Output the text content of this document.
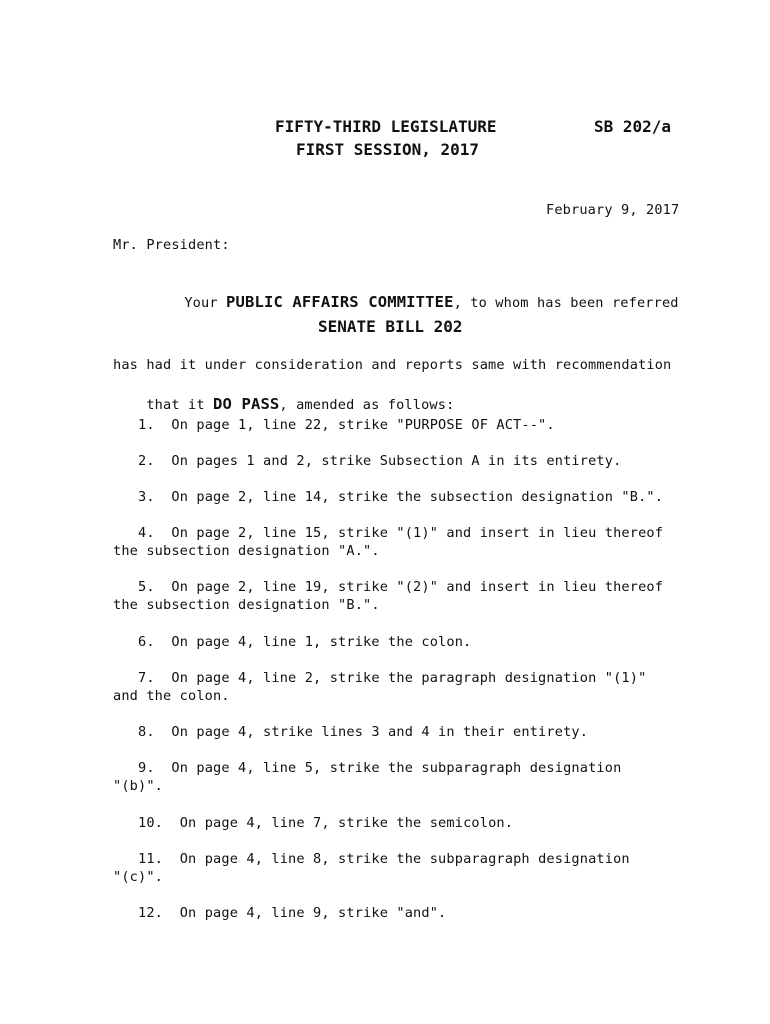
FIFTY-THIRD LEGISLATURE	SB 202/a
FIRST SESSION, 2017
February 9, 2017
Mr. President:

Your PUBLIC AFFAIRS COMMITTEE, to whom has been referred

SENATE BILL 202
has had it under consideration and reports same with recommendation

that it DO PASS, amended as follows:

1. On page 1, line 22, strike "PURPOSE OF ACT--".
2. On pages 1 and 2, strike Subsection A in its entirety.
3. On page 2, line 14, strike the subsection designation "B.".
4. On page 2, line 15, strike "(1)" and insert in lieu thereof
the subsection designation "A.".
5. On page 2, line 19, strike "(2)" and insert in lieu thereof
the subsection designation "B.".
6. On page 4, line 1, strike the colon.
7. On page 4, line 2, strike the paragraph designation "(1)"
and the colon.
8. On page 4, strike lines 3 and 4 in their entirety.
9. On page 4, line 5, strike the subparagraph designation
"(b)".
10. On page 4, line 7, strike the semicolon.
11. On page 4, line 8, strike the subparagraph designation
"(c)".
12. On page 4, line 9, strike "and".
